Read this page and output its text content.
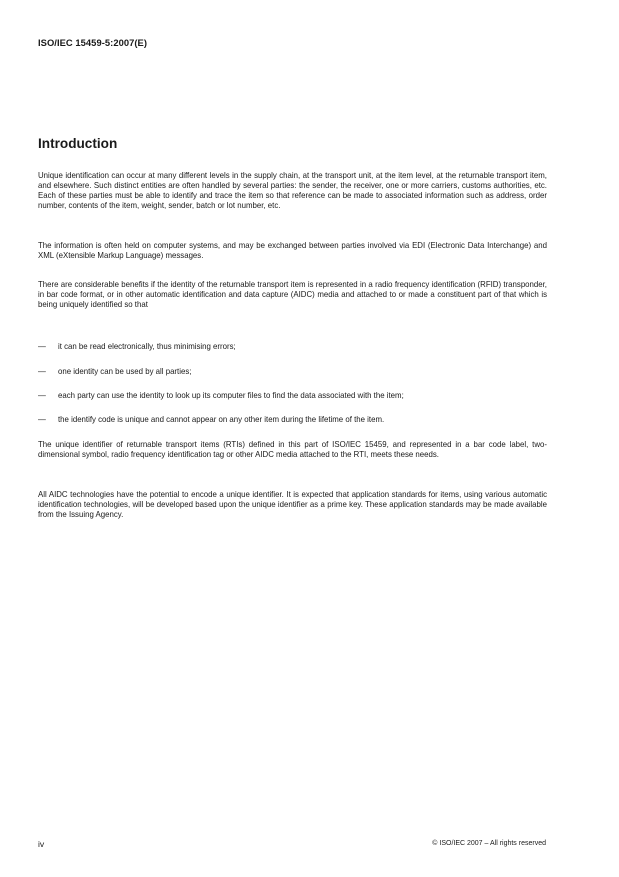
ISO/IEC 15459-5:2007(E)
Introduction

Unique identification can occur at many different levels in the supply chain, at the transport unit, at the item level, at the returnable transport item, and elsewhere. Such distinct entities are often handled by several parties: the sender, the receiver, one or more carriers, customs authorities, etc. Each of these parties must be able to identify and trace the item so that reference can be made to associated information such as address, order number, contents of the item, weight, sender, batch or lot number, etc.

The information is often held on computer systems, and may be exchanged between parties involved via EDI (Electronic Data Interchange) and XML (eXtensible Markup Language) messages.

There are considerable benefits if the identity of the returnable transport item is represented in a radio frequency identification (RFID) transponder, in bar code format, or in other automatic identification and data capture (AIDC) media and attached to or made a constituent part of that which is being uniquely identified so that

—	it can be read electronically, thus minimising errors;
—	one identity can be used by all parties;
—	each party can use the identity to look up its computer files to find the data associated with the item;
—	the identify code is unique and cannot appear on any other item during the lifetime of the item.

The unique identifier of returnable transport items (RTIs) defined in this part of ISO/IEC 15459, and represented in a bar code label, two-dimensional symbol, radio frequency identification tag or other AIDC media attached to the RTI, meets these needs.

All AIDC technologies have the potential to encode a unique identifier. It is expected that application standards for items, using various automatic identification technologies, will be developed based upon the unique identifier as a prime key. These application standards may be made available from the Issuing Agency.

iv	© ISO/IEC 2007 – All rights reserved
